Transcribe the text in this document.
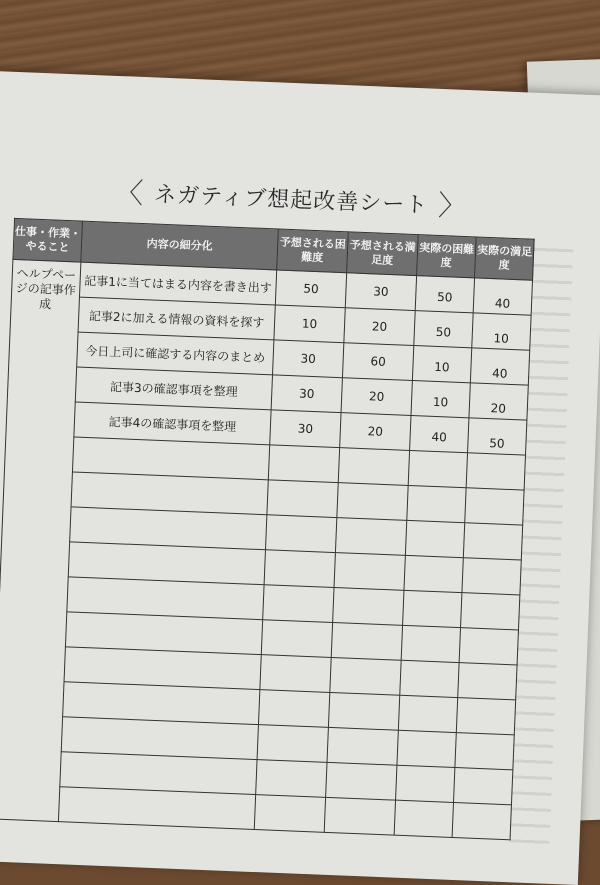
〈 ネガティブ想起改善シート 〉
仕事・作業・やること	内容の細分化	予想される困難度	予想される満足度	実際の困難度	実際の満足度
ヘルプページの記事作成	記事1に当てはまる内容を書き出す	50	30	50	40
	記事2に加える情報の資料を探す	10	20	50	10
	今日上司に確認する内容のまとめ	30	60	10	40
	記事3の確認事項を整理	30	20	10	20
	記事4の確認事項を整理	30	20	40	50
